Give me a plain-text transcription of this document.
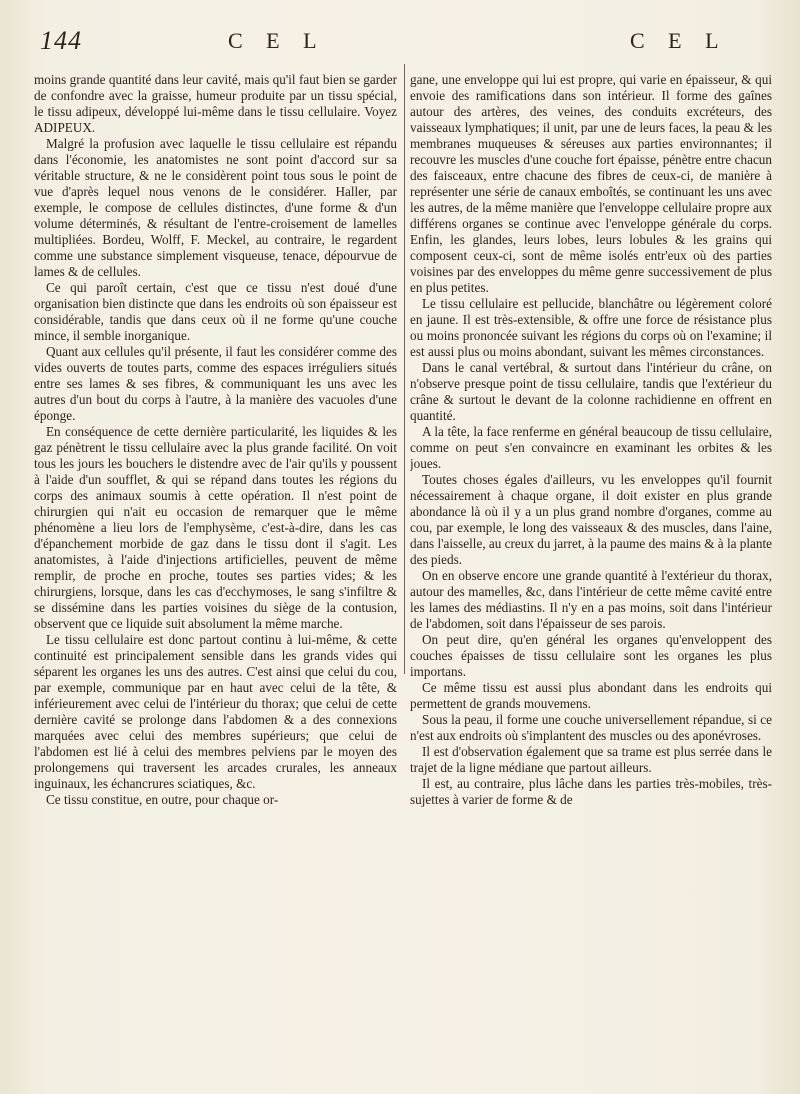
144	C E L	C E L

moins grande quantité dans leur cavité, mais qu'il faut bien se garder de confondre avec la graisse, humeur produite par un tissu spécial, le tissu adipeux, développé lui-même dans le tissu cellulaire. Voyez ADIPEUX.

Malgré la profusion avec laquelle le tissu cellulaire est répandu dans l'économie, les anatomistes ne sont point d'accord sur sa véritable structure, & ne le considèrent point tous sous le point de vue d'après lequel nous venons de le considérer. Haller, par exemple, le compose de cellules distinctes, d'une forme & d'un volume déterminés, & résultant de l'entre-croisement de lamelles multipliées. Bordeu, Wolff, F. Meckel, au contraire, le regardent comme une substance simplement visqueuse, tenace, dépourvue de lames & de cellules.

Ce qui paroît certain, c'est que ce tissu n'est doué d'une organisation bien distincte que dans les endroits où son épaisseur est considérable, tandis que dans ceux où il ne forme qu'une couche mince, il semble inorganique.

Quant aux cellules qu'il présente, il faut les considérer comme des vides ouverts de toutes parts, comme des espaces irréguliers situés entre ses lames & ses fibres, & communiquant les uns avec les autres d'un bout du corps à l'autre, à la manière des vacuoles d'une éponge.

En conséquence de cette dernière particularité, les liquides & les gaz pénètrent le tissu cellulaire avec la plus grande facilité. On voit tous les jours les bouchers le distendre avec de l'air qu'ils y poussent à l'aide d'un soufflet, & qui se répand dans toutes les régions du corps des animaux soumis à cette opération. Il n'est point de chirurgien qui n'ait eu occasion de remarquer que le même phénomène a lieu lors de l'emphysème, c'est-à-dire, dans les cas d'épanchement morbide de gaz dans le tissu dont il s'agit. Les anatomistes, à l'aide d'injections artificielles, peuvent de même remplir, de proche en proche, toutes ses parties vides; & les chirurgiens, lorsque, dans les cas d'ecchymoses, le sang s'infiltre & se dissémine dans les parties voisines du siège de la contusion, observent que ce liquide suit absolument la même marche.

Le tissu cellulaire est donc partout continu à lui-même, & cette continuité est principalement sensible dans les grands vides qui séparent les organes les uns des autres. C'est ainsi que celui du cou, par exemple, communique par en haut avec celui de la tête, & inférieurement avec celui de l'intérieur du thorax; que celui de cette dernière cavité se prolonge dans l'abdomen & a des connexions marquées avec celui des membres supérieurs; que celui de l'abdomen est lié à celui des membres pelviens par le moyen des prolongemens qui traversent les arcades crurales, les anneaux inguinaux, les échancrures sciatiques, &c.

Ce tissu constitue, en outre, pour chaque or-

gane, une enveloppe qui lui est propre, qui varie en épaisseur, & qui envoie des ramifications dans son intérieur. Il forme des gaînes autour des artères, des veines, des conduits excréteurs, des vaisseaux lymphatiques; il unit, par une de leurs faces, la peau & les membranes muqueuses & séreuses aux parties environnantes; il recouvre les muscles d'une couche fort épaisse, pénètre entre chacun des faisceaux, entre chacune des fibres de ceux-ci, de manière à représenter une série de canaux emboîtés, se continuant les uns avec les autres, de la même manière que l'enveloppe cellulaire propre aux différens organes se continue avec l'enveloppe générale du corps. Enfin, les glandes, leurs lobes, leurs lobules & les grains qui composent ceux-ci, sont de même isolés entr'eux où des parties voisines par des enveloppes du même genre successivement de plus en plus petites.

Le tissu cellulaire est pellucide, blanchâtre ou légèrement coloré en jaune. Il est très-extensible, & offre une force de résistance plus ou moins prononcée suivant les régions du corps où on l'examine; il est aussi plus ou moins abondant, suivant les mêmes circonstances.

Dans le canal vertébral, & surtout dans l'intérieur du crâne, on n'observe presque point de tissu cellulaire, tandis que l'extérieur du crâne & surtout le devant de la colonne rachidienne en offrent en quantité.

A la tête, la face renferme en général beaucoup de tissu cellulaire, comme on peut s'en convaincre en examinant les orbites & les joues.

Toutes choses égales d'ailleurs, vu les enveloppes qu'il fournit nécessairement à chaque organe, il doit exister en plus grande abondance là où il y a un plus grand nombre d'organes, comme au cou, par exemple, le long des vaisseaux & des muscles, dans l'aine, dans l'aisselle, au creux du jarret, à la paume des mains & à la plante des pieds.

On en observe encore une grande quantité à l'extérieur du thorax, autour des mamelles, &c, dans l'intérieur de cette même cavité entre les lames des médiastins. Il n'y en a pas moins, soit dans l'intérieur de l'abdomen, soit dans l'épaisseur de ses parois.

On peut dire, qu'en général les organes qu'enveloppent des couches épaisses de tissu cellulaire sont les organes les plus importans.

Ce même tissu est aussi plus abondant dans les endroits qui permettent de grands mouvemens.

Sous la peau, il forme une couche universellement répandue, si ce n'est aux endroits où s'implantent des muscles ou des aponévroses.

Il est d'observation également que sa trame est plus serrée dans le trajet de la ligne médiane que partout ailleurs.

Il est, au contraire, plus lâche dans les parties très-mobiles, très-sujettes à varier de forme & de
